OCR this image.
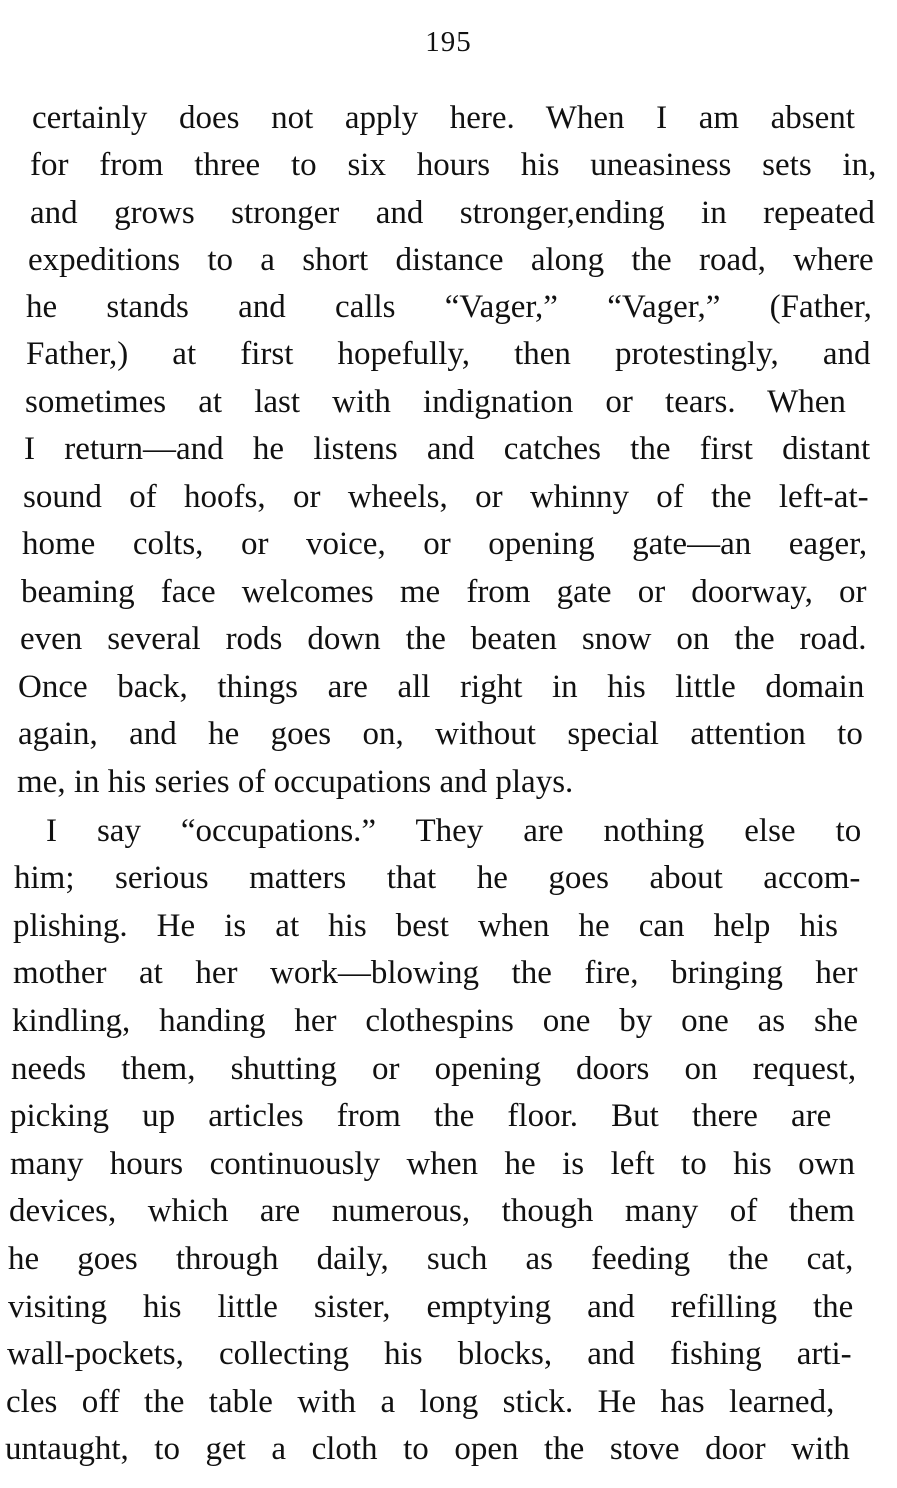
195
certainly does not apply here. When I am absent
for from three to six hours his uneasiness sets in,
and grows stronger and stronger,ending in repeated
expeditions to a short distance along the road, where
he stands and calls “Vager,” “Vager,” (Father,
Father,) at first hopefully, then protestingly, and
sometimes at last with indignation or tears. When
I return—and he listens and catches the first distant
sound of hoofs, or wheels, or whinny of the left-at-
home colts, or voice, or opening gate—an eager,
beaming face welcomes me from gate or doorway, or
even several rods down the beaten snow on the road.
Once back, things are all right in his little domain
again, and he goes on, without special attention to
me, in his series of occupations and plays.
I say “occupations.” They are nothing else to
him; serious matters that he goes about accom-
plishing. He is at his best when he can help his
mother at her work—blowing the fire, bringing her
kindling, handing her clothespins one by one as she
needs them, shutting or opening doors on request,
picking up articles from the floor. But there are
many hours continuously when he is left to his own
devices, which are numerous, though many of them
he goes through daily, such as feeding the cat,
visiting his little sister, emptying and refilling the
wall-pockets, collecting his blocks, and fishing arti-
cles off the table with a long stick. He has learned,
untaught, to get a cloth to open the stove door with
